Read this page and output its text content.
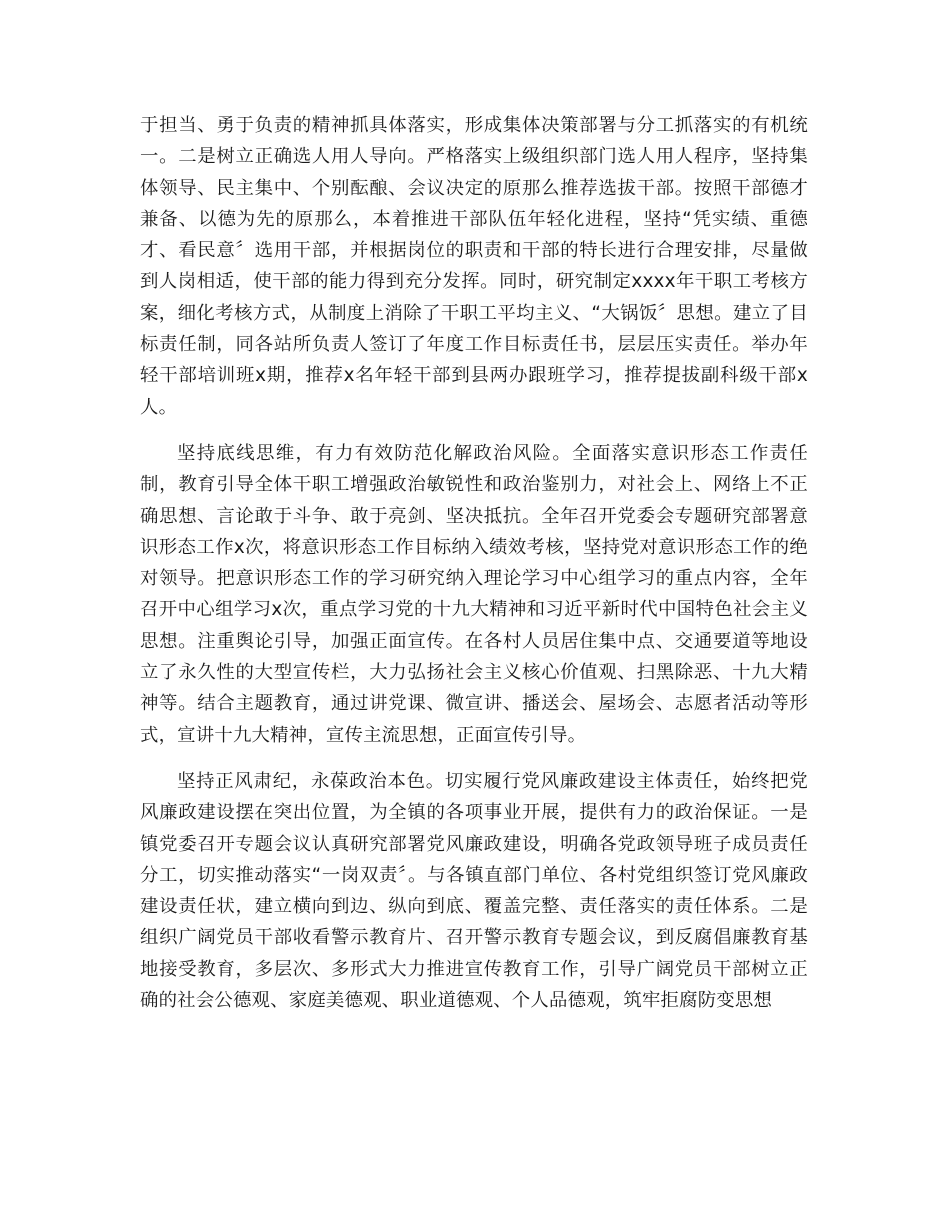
于担当、勇于负责的精神抓具体落实，形成集体决策部署与分工抓落实的有机统一。二是树立正确选人用人导向。严格落实上级组织部门选人用人程序，坚持集体领导、民主集中、个别酝酿、会议决定的原那么推荐选拔干部。按照干部德才兼备、以德为先的原那么，本着推进干部队伍年轻化进程，坚持“凭实绩、重德才、看民意〞选用干部，并根据岗位的职责和干部的特长进行合理安排，尽量做到人岗相适，使干部的能力得到充分发挥。同时，研究制定xxxx年干职工考核方案，细化考核方式，从制度上消除了干职工平均主义、“大锅饭〞思想。建立了目标责任制，同各站所负责人签订了年度工作目标责任书，层层压实责任。举办年轻干部培训班x期，推荐x名年轻干部到县两办跟班学习，推荐提拔副科级干部x人。

坚持底线思维，有力有效防范化解政治风险。全面落实意识形态工作责任制，教育引导全体干职工增强政治敏锐性和政治鉴别力，对社会上、网络上不正确思想、言论敢于斗争、敢于亮剑、坚决抵抗。全年召开党委会专题研究部署意识形态工作x次，将意识形态工作目标纳入绩效考核，坚持党对意识形态工作的绝对领导。把意识形态工作的学习研究纳入理论学习中心组学习的重点内容，全年召开中心组学习x次，重点学习党的十九大精神和习近平新时代中国特色社会主义思想。注重舆论引导，加强正面宣传。在各村人员居住集中点、交通要道等地设立了永久性的大型宣传栏，大力弘扬社会主义核心价值观、扫黑除恶、十九大精神等。结合主题教育，通过讲党课、微宣讲、播送会、屋场会、志愿者活动等形式，宣讲十九大精神，宣传主流思想，正面宣传引导。

坚持正风肃纪，永葆政治本色。切实履行党风廉政建设主体责任，始终把党风廉政建设摆在突出位置，为全镇的各项事业开展，提供有力的政治保证。一是镇党委召开专题会议认真研究部署党风廉政建设，明确各党政领导班子成员责任分工，切实推动落实“一岗双责〞。与各镇直部门单位、各村党组织签订党风廉政建设责任状，建立横向到边、纵向到底、覆盖完整、责任落实的责任体系。二是组织广阔党员干部收看警示教育片、召开警示教育专题会议，到反腐倡廉教育基地接受教育，多层次、多形式大力推进宣传教育工作，引导广阔党员干部树立正确的社会公德观、家庭美德观、职业道德观、个人品德观，筑牢拒腐防变思想
